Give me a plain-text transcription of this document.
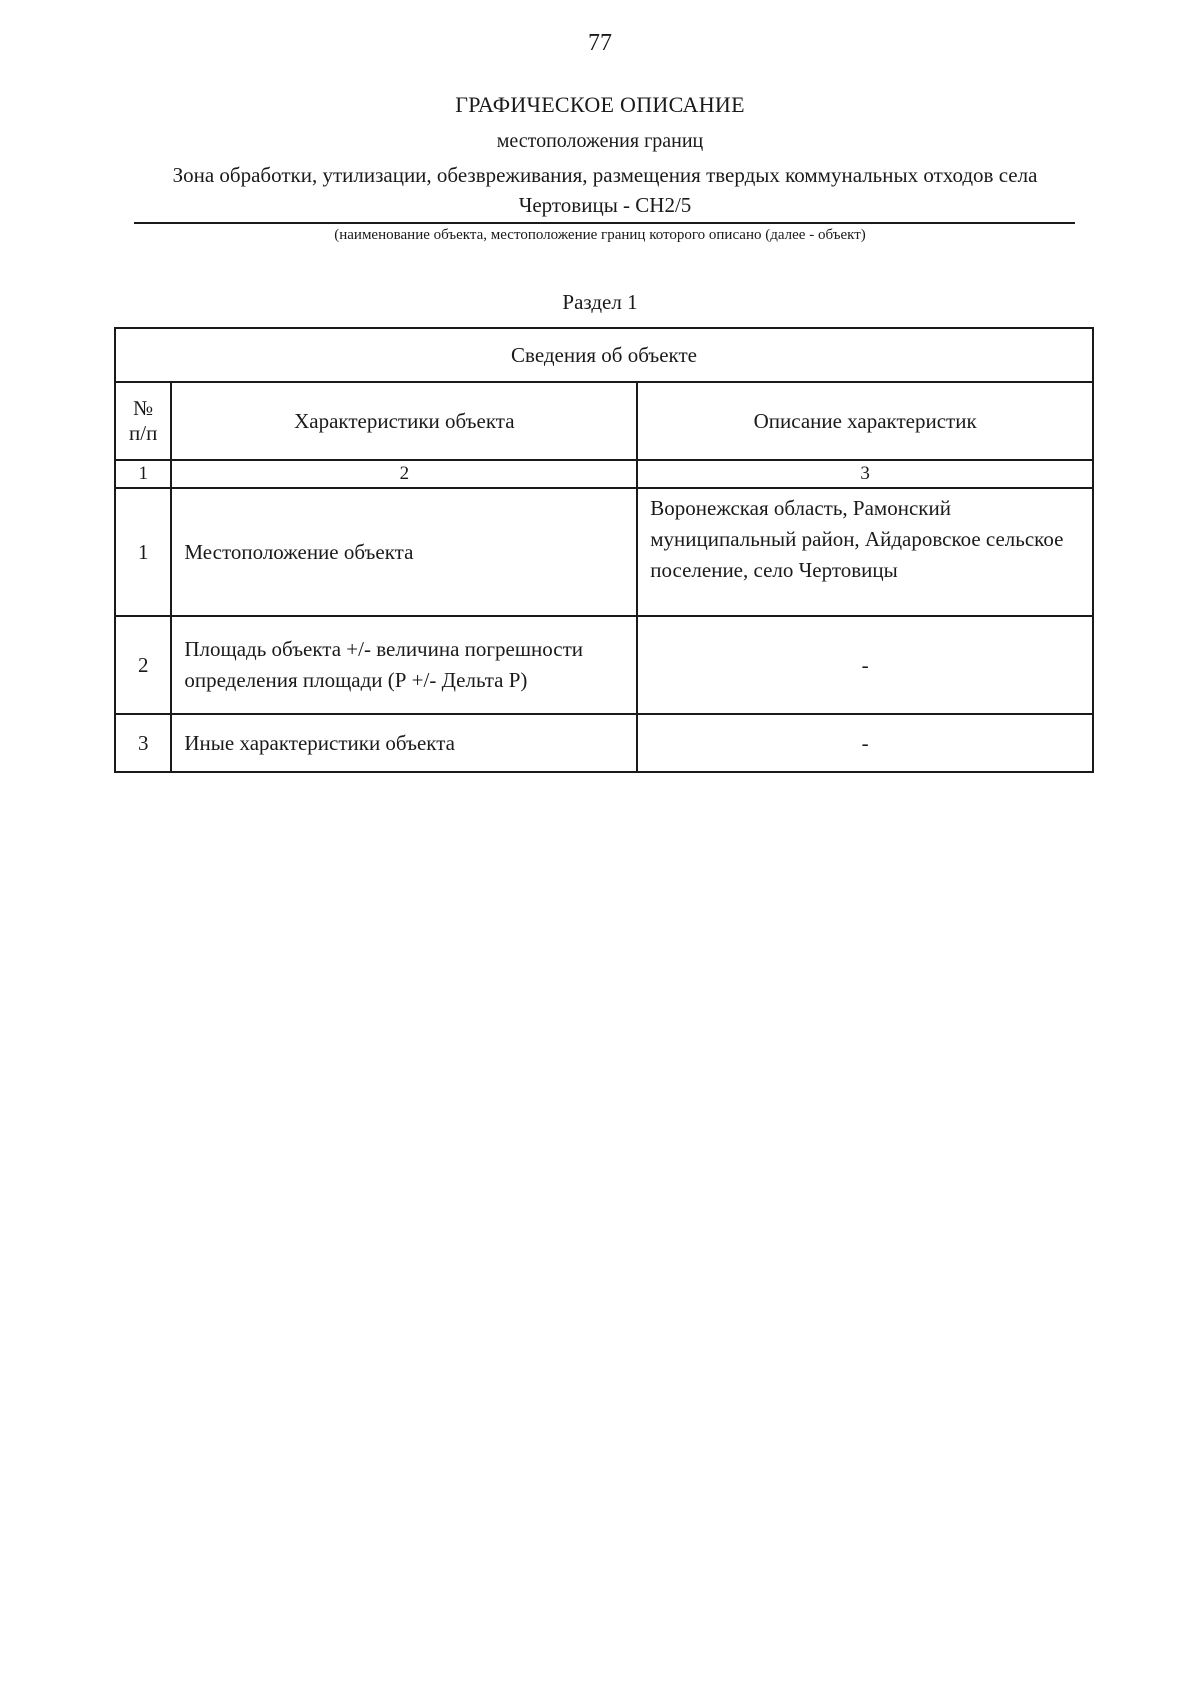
77
ГРАФИЧЕСКОЕ ОПИСАНИЕ
местоположения границ
Зона обработки, утилизации, обезвреживания, размещения твердых коммунальных отходов села Чертовицы - СН2/5
(наименование объекта, местоположение границ которого описано (далее - объект)
Раздел 1
Сведения об объекте		
№ п/п	Характеристики объекта	Описание характеристик
1	2	3
1	Местоположение объекта	Воронежская область, Рамонский муниципальный район, Айдаровское сельское поселение, село Чертовицы
2	Площадь объекта +/- величина погрешности определения площади (Р +/- Дельта Р)	-
3	Иные характеристики объекта	-
